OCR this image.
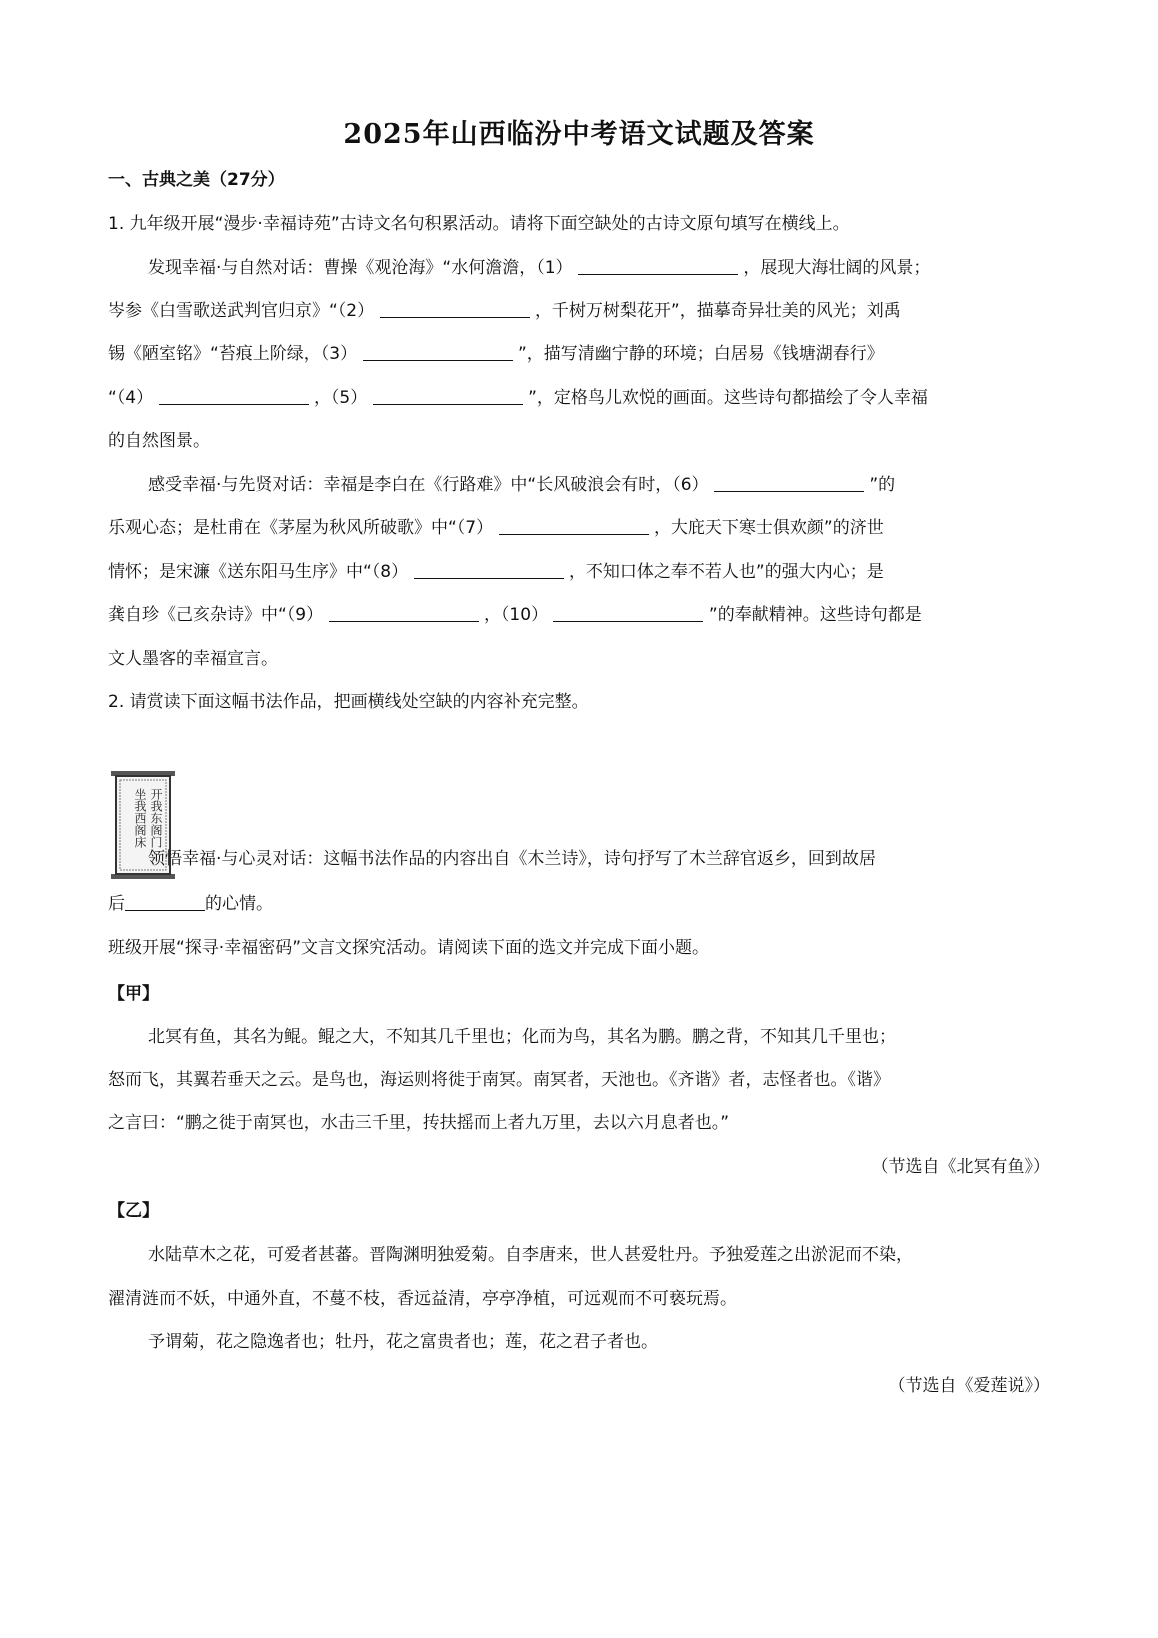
2025年山西临汾中考语文试题及答案
一、古典之美（27分）
1. 九年级开展“漫步·幸福诗苑”古诗文名句积累活动。请将下面空缺处的古诗文原句填写在横线上。
发现幸福·与自然对话：曹操《观沧海》“水何澹澹，（1）	，展现大海壮阔的风景；
岑参《白雪歌送武判官归京》“（2）	，千树万树梨花开”，描摹奇异壮美的风光；刘禹
锡《陋室铭》“苔痕上阶绿，（3）	”，描写清幽宁静的环境；白居易《钱塘湖春行》
“（4）	，（5）	”，定格鸟儿欢悦的画面。这些诗句都描绘了令人幸福
的自然图景。
感受幸福·与先贤对话：幸福是李白在《行路难》中“长风破浪会有时，（6）	”的
乐观心态；是杜甫在《茅屋为秋风所破歌》中“（7）	，大庇天下寒士俱欢颜”的济世
情怀；是宋濂《送东阳马生序》中“（8）	，不知口体之奉不若人也”的强大内心；是
龚自珍《己亥杂诗》中“（9）	，（10）	”的奉献精神。这些诗句都是
文人墨客的幸福宣言。
2. 请赏读下面这幅书法作品，把画横线处空缺的内容补充完整。
开我东阁门
坐我西阁床
领悟幸福·与心灵对话：这幅书法作品的内容出自《木兰诗》，诗句抒写了木兰辞官返乡，回到故居
后	的心情。
班级开展“探寻·幸福密码”文言文探究活动。请阅读下面的选文并完成下面小题。
【甲】
北冥有鱼，其名为鲲。鲲之大，不知其几千里也；化而为鸟，其名为鹏。鹏之背，不知其几千里也；
怒而飞，其翼若垂天之云。是鸟也，海运则将徙于南冥。南冥者，天池也。《齐谐》者，志怪者也。《谐》
之言曰：“鹏之徙于南冥也，水击三千里，抟扶摇而上者九万里，去以六月息者也。”
（节选自《北冥有鱼》）
【乙】
水陆草木之花，可爱者甚蕃。晋陶渊明独爱菊。自李唐来，世人甚爱牡丹。予独爱莲之出淤泥而不染，
濯清涟而不妖，中通外直，不蔓不枝，香远益清，亭亭净植，可远观而不可亵玩焉。
予谓菊，花之隐逸者也；牡丹，花之富贵者也；莲，花之君子者也。
（节选自《爱莲说》）
